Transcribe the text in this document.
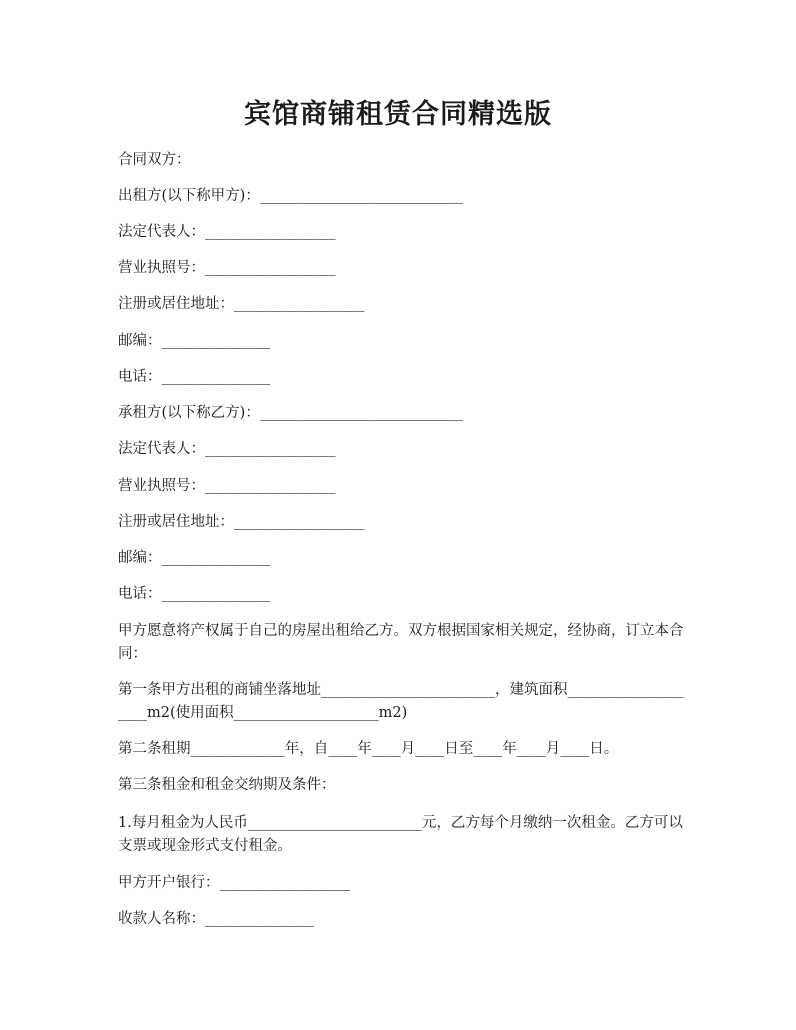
宾馆商铺租赁合同精选版
合同双方：
出租方(以下称甲方)：____________________________
法定代表人：__________________
营业执照号：__________________
注册或居住地址：__________________
邮编：_______________
电话：_______________
承租方(以下称乙方)：____________________________
法定代表人：__________________
营业执照号：__________________
注册或居住地址：__________________
邮编：_______________
电话：_______________
甲方愿意将产权属于自己的房屋出租给乙方。双方根据国家相关规定，经协商，订立本合同：
第一条甲方出租的商铺坐落地址________________________，建筑面积____________________m2(使用面积____________________m2)
第二条租期_____________年，自____年____月____日至____年____月____日。
第三条租金和租金交纳期及条件：
1.每月租金为人民币________________________元，乙方每个月缴纳一次租金。乙方可以支票或现金形式支付租金。
甲方开户银行：__________________
收款人名称：_______________
